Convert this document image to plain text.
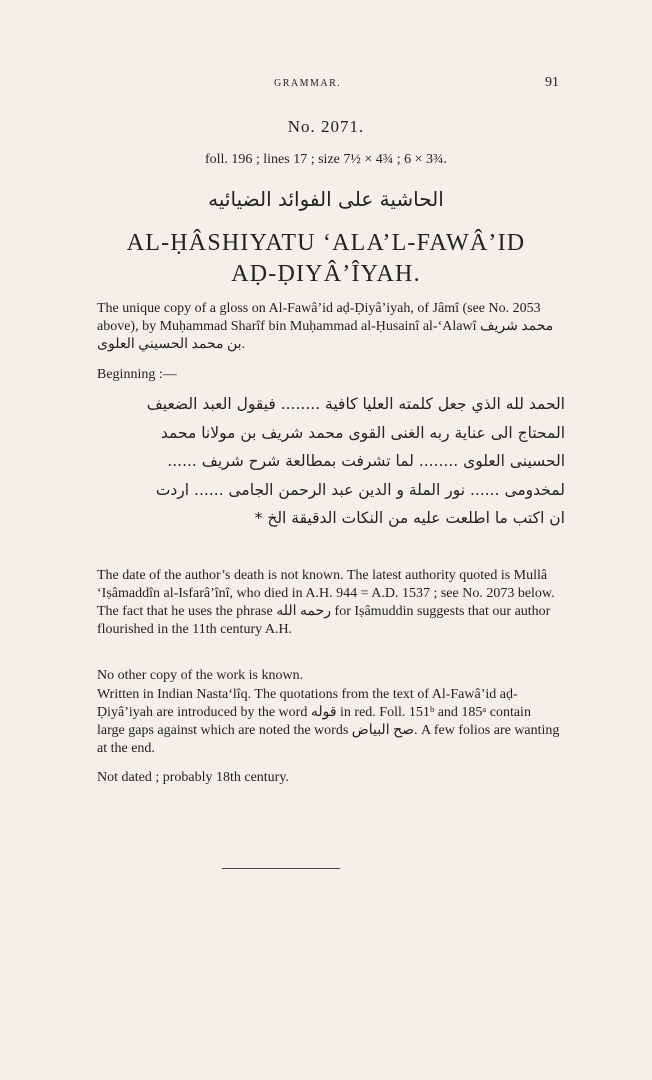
GRAMMAR.	91
No. 2071.
foll. 196 ; lines 17 ; size 7½ × 4¾ ; 6 × 3¾.
الحاشية على الفوائد الضيائيه
AL-ḤÂSHIYATU ‘ALA’L-FAWÂ’ID
AḌ-ḌIYÂ’ÎYAH.

The unique copy of a gloss on Al-Fawâ’id aḍ-Ḍiyâ’iyah, of Jâmî (see No. 2053 above), by Muḥammad Sharîf bin Muḥammad al-Ḥusainî al-‘Alawî محمد شريف بن محمد الحسيني العلوى.

Beginning :—
الحمد لله الذي جعل كلمته العليا كافية ........ فيقول العبد الضعيف
المحتاج الى عناية ربه الغنى القوى محمد شريف بن مولانا محمد
الحسينى العلوى ........ لما تشرفت بمطالعة شرح شريف ......
لمخدومى ...... نور الملة و الدين عبد الرحمن الجامى ...... اردت
ان اكتب ما اطلعت عليه من النكات الدقيقة الخ *

The date of the author’s death is not known. The latest authority quoted is Mullâ ‘Iṣâmaddîn al-Isfarâ’înî, who died in A.H. 944 = A.D. 1537 ; see No. 2073 below. The fact that he uses the phrase رحمه الله for Iṣâmuddin suggests that our author flourished in the 11th century A.H.

No other copy of the work is known.

Written in Indian Nasta‘lîq. The quotations from the text of Al-Fawâ’id aḍ-Ḍiyâ’iyah are introduced by the word قوله in red. Foll. 151ᵇ and 185ᵃ contain large gaps against which are noted the words صح البياض. A few folios are wanting at the end.

Not dated ; probably 18th century.
